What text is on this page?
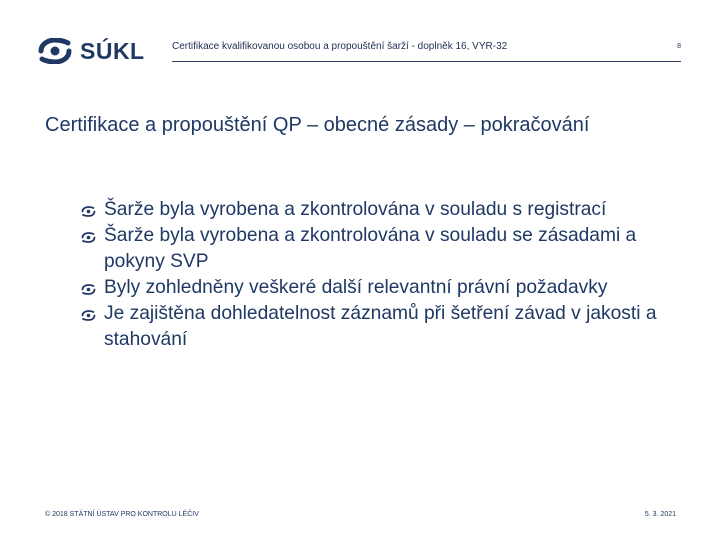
SÚKL	Certifikace kvalifikovanou osobou a propouštění šarží - doplněk 16, VYR-32	8
Certifikace a propouštění QP – obecné zásady – pokračování
Šarže byla vyrobena a zkontrolována v souladu s registrací
Šarže byla vyrobena a zkontrolována v souladu se zásadami a pokyny SVP
Byly zohledněny veškeré další relevantní právní požadavky
Je zajištěna dohledatelnost záznamů při šetření závad v jakosti a stahování
© 2018 STÁTNÍ ÚSTAV PRO KONTROLU LÉČIV	5. 3. 2021
